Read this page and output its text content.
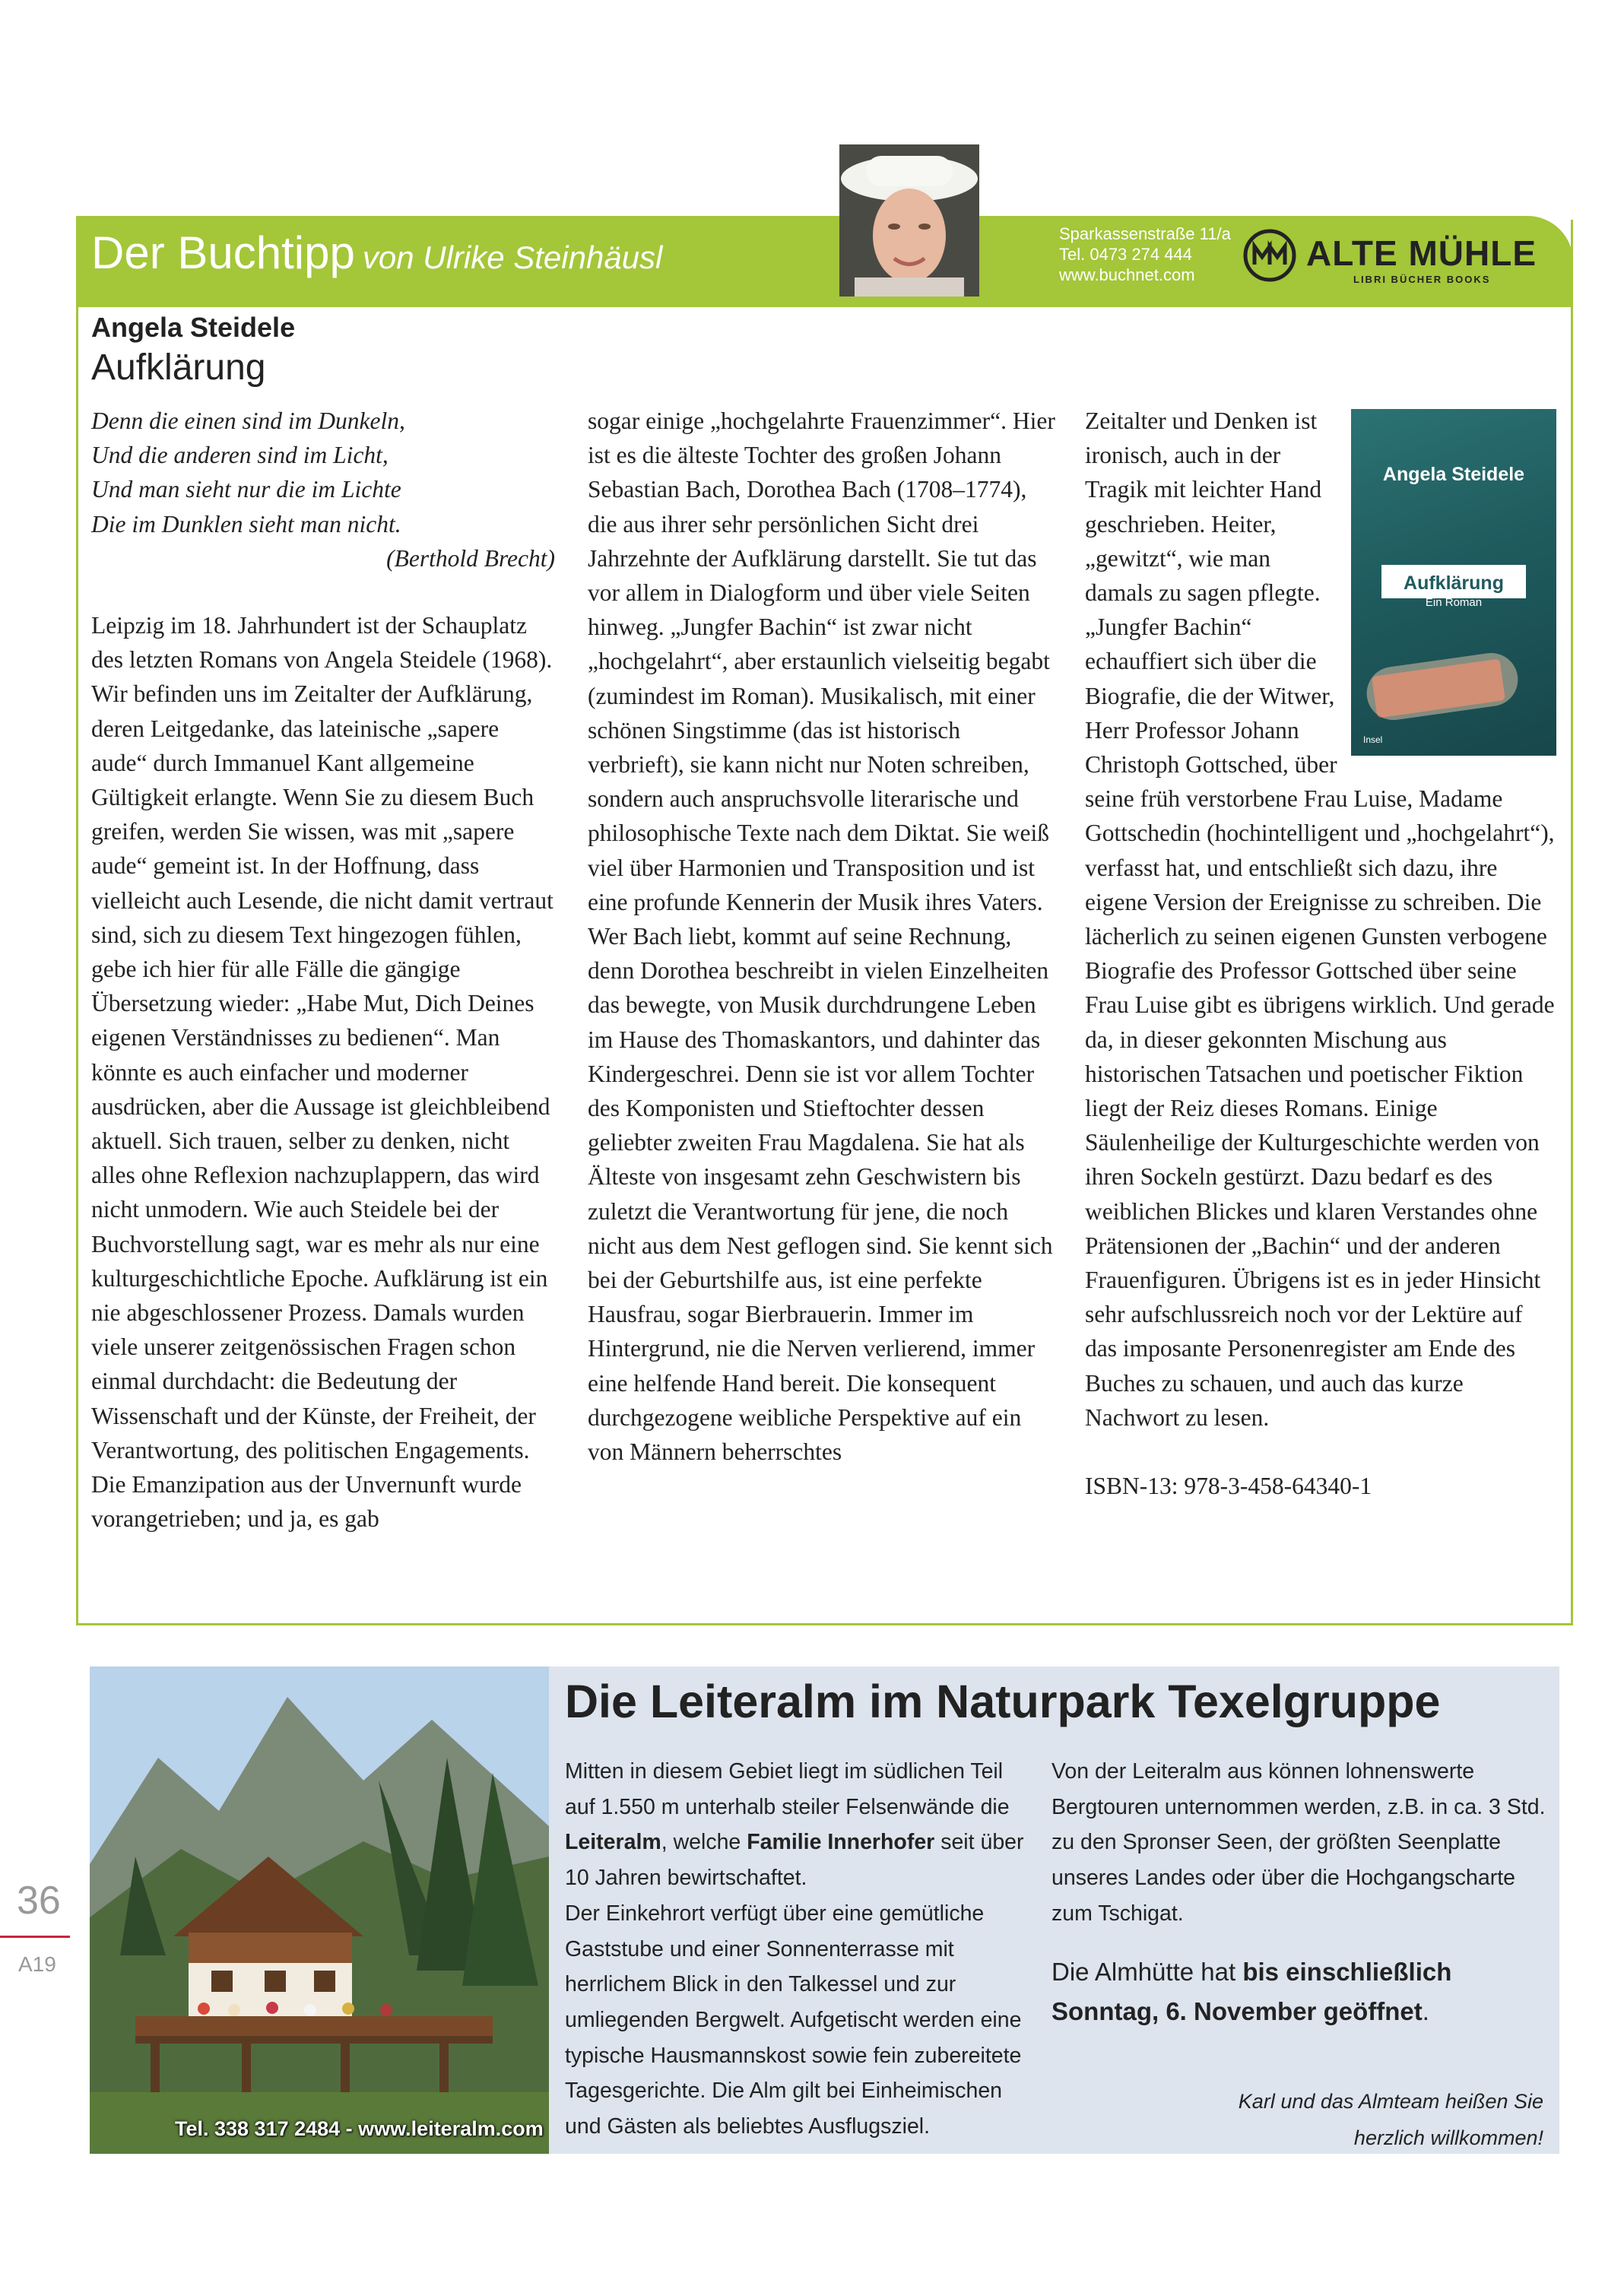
Der Buchtipp von Ulrike Steinhäusl
Sparkassenstraße 11/a
Tel. 0473 274 444
www.buchnet.com
ALTE MÜHLE
LIBRI BÜCHER BOOKS
Angela Steidele
Aufklärung

Denn die einen sind im Dunkeln,

Und die anderen sind im Licht,

Und man sieht nur die im Lichte

Die im Dunklen sieht man nicht.

(Berthold Brecht)

Leipzig im 18. Jahrhundert ist der Schauplatz des letzten Romans von Angela Steidele (1968). Wir befinden uns im Zeitalter der Aufklärung, deren Leitgedanke, das lateinische „sapere aude“ durch Immanuel Kant allgemeine Gültigkeit erlangte. Wenn Sie zu diesem Buch greifen, werden Sie wissen, was mit „sapere aude“ gemeint ist. In der Hoffnung, dass vielleicht auch Lesende, die nicht damit vertraut sind, sich zu diesem Text hingezogen fühlen, gebe ich hier für alle Fälle die gängige Übersetzung wieder: „Habe Mut, Dich Deines eigenen Verständnisses zu bedienen“. Man könnte es auch einfacher und moderner ausdrücken, aber die Aussage ist gleichbleibend aktuell. Sich trauen, selber zu denken, nicht alles ohne Reflexion nachzuplappern, das wird nicht unmodern. Wie auch Steidele bei der Buchvorstellung sagt, war es mehr als nur eine kulturgeschichtliche Epoche. Aufklärung ist ein nie abgeschlossener Prozess. Damals wurden viele unserer zeitgenössischen Fragen schon einmal durchdacht: die Bedeutung der Wissenschaft und der Künste, der Freiheit, der Verantwortung, des politischen Engagements. Die Emanzipation aus der Unvernunft wurde vorangetrieben; und ja, es gab

sogar einige „hochgelahrte Frauenzimmer“. Hier ist es die älteste Tochter des großen Johann Sebastian Bach, Dorothea Bach (1708–1774), die aus ihrer sehr persönlichen Sicht drei Jahrzehnte der Aufklärung darstellt. Sie tut das vor allem in Dialogform und über viele Seiten hinweg. „Jungfer Bachin“ ist zwar nicht „hochgelahrt“, aber erstaunlich vielseitig begabt (zumindest im Roman). Musikalisch, mit einer schönen Singstimme (das ist historisch verbrieft), sie kann nicht nur Noten schreiben, sondern auch anspruchsvolle literarische und philosophische Texte nach dem Diktat. Sie weiß viel über Harmonien und Transposition und ist eine profunde Kennerin der Musik ihres Vaters. Wer Bach liebt, kommt auf seine Rechnung, denn Dorothea beschreibt in vielen Einzelheiten das bewegte, von Musik durchdrungene Leben im Hause des Thomaskantors, und dahinter das Kindergeschrei. Denn sie ist vor allem Tochter des Komponisten und Stieftochter dessen geliebter zweiten Frau Magdalena. Sie hat als Älteste von insgesamt zehn Geschwistern bis zuletzt die Verantwortung für jene, die noch nicht aus dem Nest geflogen sind. Sie kennt sich bei der Geburtshilfe aus, ist eine perfekte Hausfrau, sogar Bierbrauerin. Immer im Hintergrund, nie die Nerven verlierend, immer eine helfende Hand bereit. Die konsequent durchgezogene weibliche Perspektive auf ein von Männern beherrschtes

Zeitalter und Denken ist ironisch, auch in der Tragik mit leichter Hand geschrieben. Heiter, „gewitzt“, wie man damals zu sagen pflegte. „Jungfer Bachin“ echauffiert sich über die Biografie, die der Witwer, Herr Professor Johann Christoph Gottsched, über seine früh verstorbene Frau Luise, Madame Gottschedin (hochintelligent und „hochgelahrt“), verfasst hat, und entschließt sich dazu, ihre eigene Version der Ereignisse zu schreiben. Die lächerlich zu seinen eigenen Gunsten verbogene Biografie des Professor Gottsched über seine Frau Luise gibt es übrigens wirklich. Und gerade da, in dieser gekonnten Mischung aus historischen Tatsachen und poetischer Fiktion liegt der Reiz dieses Romans. Einige Säulenheilige der Kulturgeschichte werden von ihren Sockeln gestürzt. Dazu bedarf es des weiblichen Blickes und klaren Verstandes ohne Prätensionen der „Bachin“ und der anderen Frauenfiguren. Übrigens ist es in jeder Hinsicht sehr aufschlussreich noch vor der Lektüre auf das imposante Personenregister am Ende des Buches zu schauen, und auch das kurze Nachwort zu lesen.

ISBN-13: 978-3-458-64340-1

Angela Steidele
Aufklärung
Ein Roman
Insel
Tel. 338 317 2484 - www.leiteralm.com
Die Leiteralm im Naturpark Texelgruppe

Mitten in diesem Gebiet liegt im südlichen Teil auf 1.550 m unterhalb steiler Felsenwände die Leiteralm, welche Familie Innerhofer seit über 10 Jahren bewirtschaftet.

Der Einkehrort verfügt über eine gemütliche Gaststube und einer Sonnenterrasse mit herrlichem Blick in den Talkessel und zur umliegenden Bergwelt. Aufgetischt werden eine typische Hausmannskost sowie fein zubereitete Tagesgerichte. Die Alm gilt bei Einheimischen und Gästen als beliebtes Ausflugsziel.

Von der Leiteralm aus können lohnenswerte Bergtouren unternommen werden, z.B. in ca. 3 Std. zu den Spronser Seen, der größten Seenplatte unseres Landes oder über die Hochgangscharte zum Tschigat.

Die Almhütte hat bis einschließlich Sonntag, 6. November geöffnet.

Karl und das Almteam heißen Sie
herzlich willkommen!
36
A19
